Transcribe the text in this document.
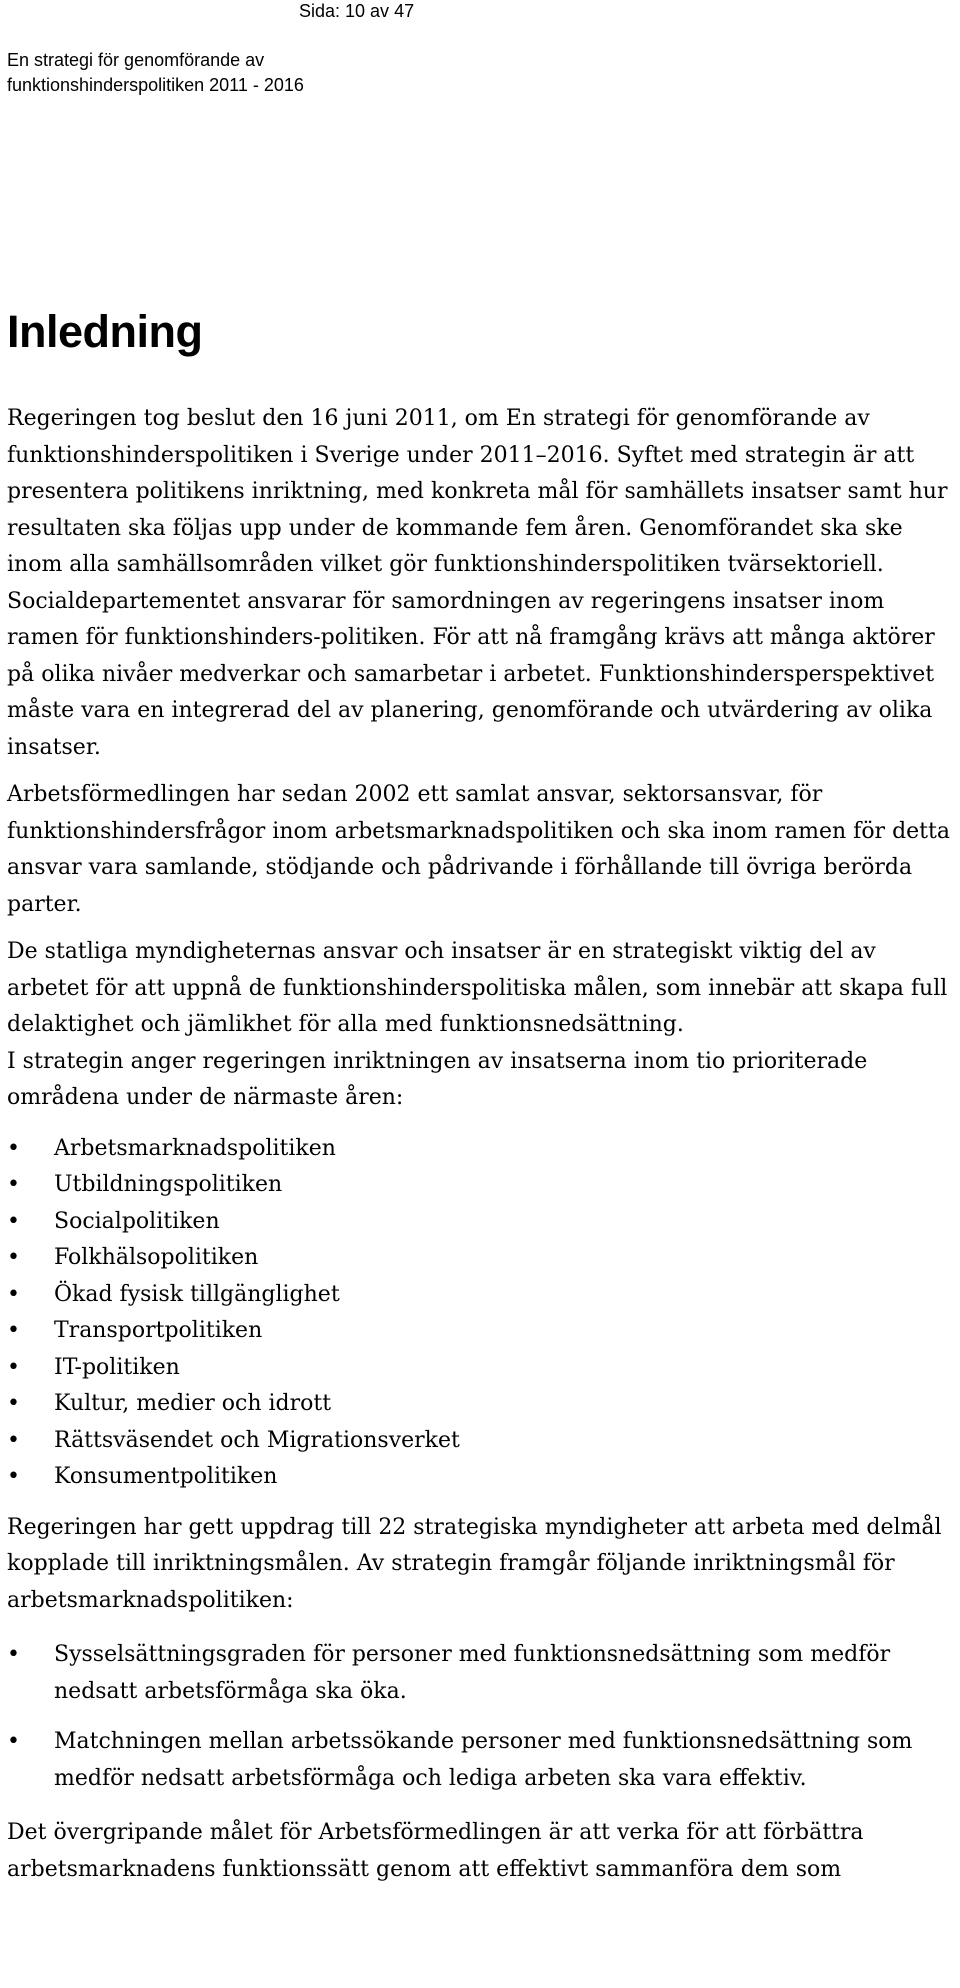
Sida: 10 av 47
En strategi för genomförande av
funktionshinderspolitiken 2011 - 2016
Inledning

Regeringen tog beslut den 16 juni 2011, om En strategi för genomförande av funktionshinderspolitiken i Sverige under 2011–2016. Syftet med strategin är att presentera politikens inriktning, med konkreta mål för samhällets insatser samt hur resultaten ska följas upp under de kommande fem åren. Genomförandet ska ske inom alla samhällsområden vilket gör funktionshinderspolitiken tvärsektoriell. Socialdepartementet ansvarar för samordningen av regeringens insatser inom ramen för funktionshinders-politiken. För att nå framgång krävs att många aktörer på olika nivåer medverkar och samarbetar i arbetet. Funktionshindersperspektivet måste vara en integrerad del av planering, genomförande och utvärdering av olika insatser.

Arbetsförmedlingen har sedan 2002 ett samlat ansvar, sektorsansvar, för funktionshindersfrågor inom arbetsmarknadspolitiken och ska inom ramen för detta ansvar vara samlande, stödjande och pådrivande i förhållande till övriga berörda parter.

De statliga myndigheternas ansvar och insatser är en strategiskt viktig del av arbetet för att uppnå de funktionshinderspolitiska målen, som innebär att skapa full delaktighet och jämlikhet för alla med funktionsnedsättning.

I strategin anger regeringen inriktningen av insatserna inom tio prioriterade områdena under de närmaste åren:

•	Arbetsmarknadspolitiken
•	Utbildningspolitiken
•	Socialpolitiken
•	Folkhälsopolitiken
•	Ökad fysisk tillgänglighet
•	Transportpolitiken
•	IT-politiken
•	Kultur, medier och idrott
•	Rättsväsendet och Migrationsverket
•	Konsumentpolitiken

Regeringen har gett uppdrag till 22 strategiska myndigheter att arbeta med delmål kopplade till inriktningsmålen. Av strategin framgår följande inriktningsmål för arbetsmarknadspolitiken:

•	Sysselsättningsgraden för personer med funktionsnedsättning som medför nedsatt arbetsförmåga ska öka.
•	Matchningen mellan arbetssökande personer med funktionsnedsättning som medför nedsatt arbetsförmåga och lediga arbeten ska vara effektiv.

Det övergripande målet för Arbetsförmedlingen är att verka för att förbättra arbetsmarknadens funktionssätt genom att effektivt sammanföra dem som
